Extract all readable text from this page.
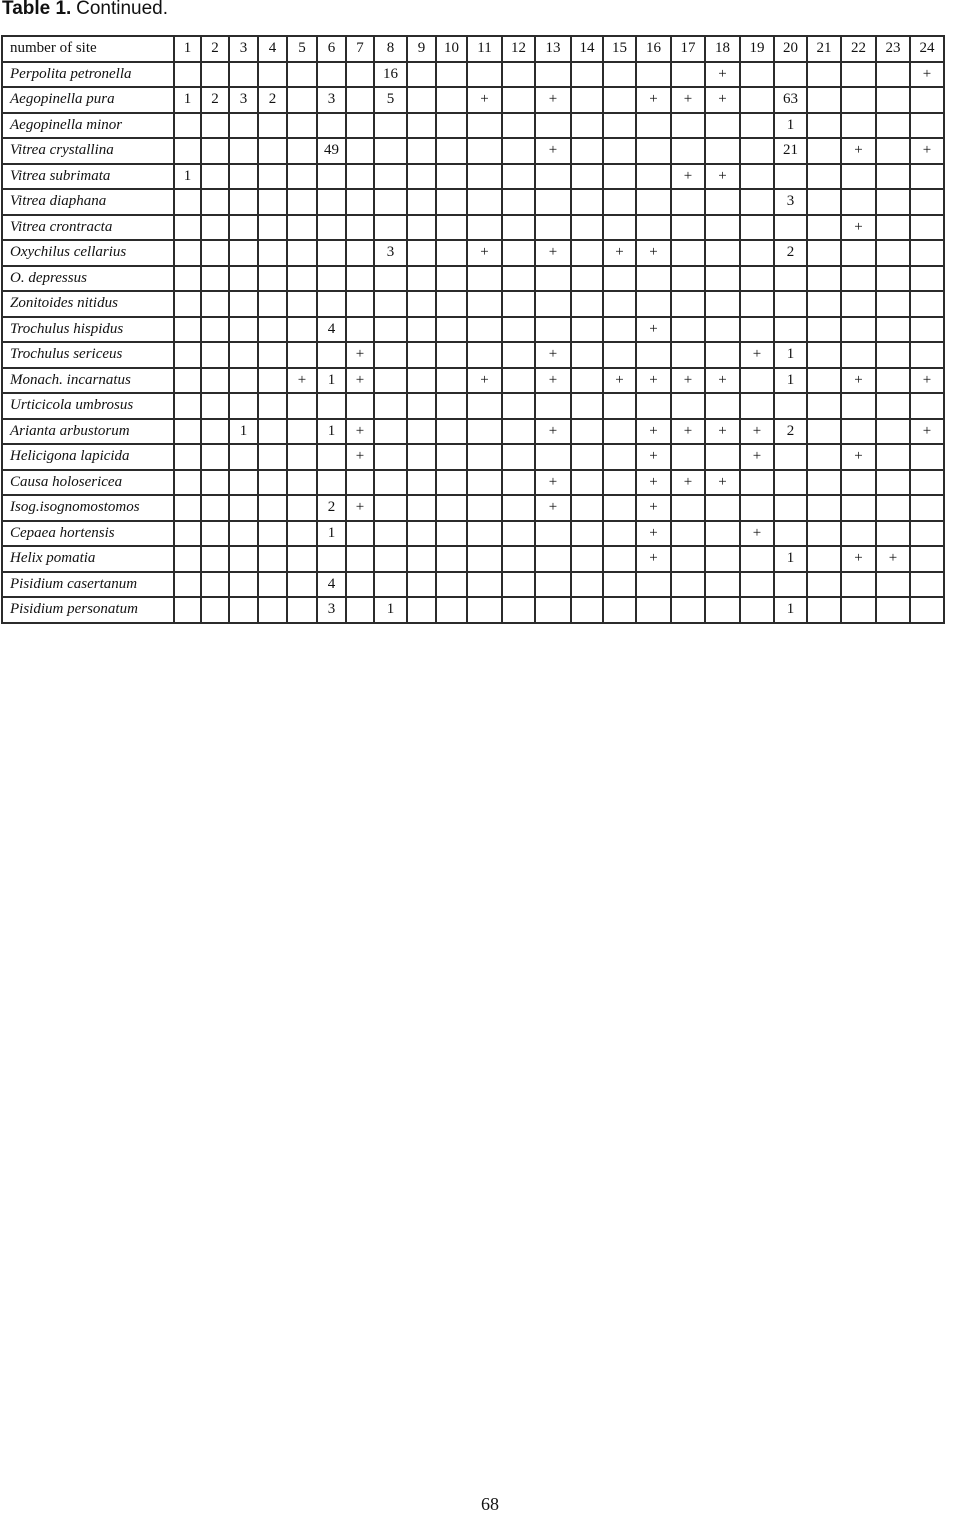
Table 1. Continued.
number of site	1	2	3	4	5	6	7	8	9	10	11	12	13	14	15	16	17	18	19	20	21	22	23	24
Perpolita petronella								16										+						+
Aegopinella pura	1	2	3	2		3		5			+		+			+	+	+		63				
Aegopinella minor																				1				
Vitrea crystallina						49							+							21		+		+
Vitrea subrimata	1																+	+						
Vitrea diaphana																				3				
Vitrea crontracta																						+		
Oxychilus cellarius								3			+		+		+	+				2				
O. depressus																								
Zonitoides nitidus																								
Trochulus hispidus						4										+								
Trochulus sericeus							+						+						+	1				
Monach. incarnatus					+	1	+				+		+		+	+	+	+		1		+		+
Urticicola umbrosus																								
Arianta arbustorum			1			1	+						+			+	+	+	+	2				+
Helicigona lapicida							+									+			+			+		
Causa holosericea													+			+	+	+						
Isog.isognomostomos						2	+						+			+								
Cepaea hortensis						1										+			+					
Helix pomatia																+				1		+	+	
Pisidium casertanum						4																		
Pisidium personatum						3		1												1				
68
